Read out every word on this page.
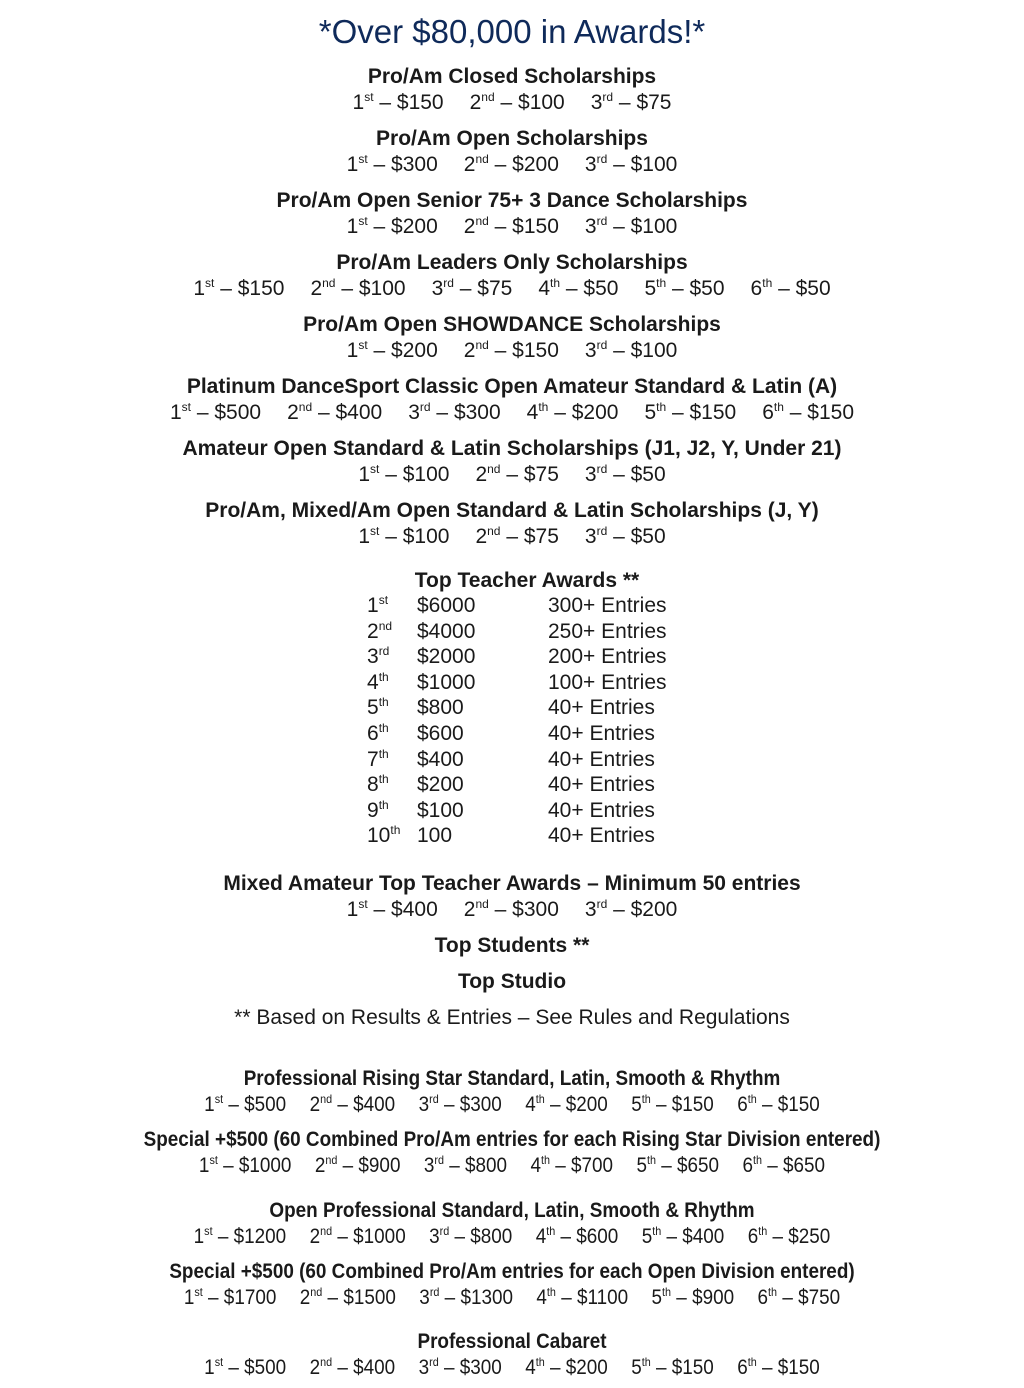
*Over $80,000 in Awards!*
Top Teacher Awards **
1st $6000	300+ Entries
2nd $4000	250+ Entries
3rd $2000	200+ Entries
4th $1000	100+ Entries
5th $800	40+ Entries
6th $600	40+ Entries
7th $400	40+ Entries
8th $200	40+ Entries
9th $100	40+ Entries
10th 100	40+ Entries
Top Students **
Top Studio
** Based on Results & Entries – See Rules and Regulations
Pro/Am Closed Scholarships
1st – $150 2nd – $100 3rd – $75
Pro/Am Open Scholarships
1st – $300 2nd – $200 3rd – $100
Pro/Am Open Senior 75+ 3 Dance Scholarships
1st – $200 2nd – $150 3rd – $100
Pro/Am Leaders Only Scholarships
1st – $150 2nd – $100 3rd – $75 4th – $50 5th – $50 6th – $50
Pro/Am Open SHOWDANCE Scholarships
1st – $200 2nd – $150 3rd – $100
Platinum DanceSport Classic Open Amateur Standard & Latin (A)
1st – $500 2nd – $400 3rd – $300 4th – $200 5th – $150 6th – $150
Amateur Open Standard & Latin Scholarships (J1, J2, Y, Under 21)
1st – $100 2nd – $75 3rd – $50
Pro/Am, Mixed/Am Open Standard & Latin Scholarships (J, Y)
1st – $100 2nd – $75 3rd – $50
Mixed Amateur Top Teacher Awards – Minimum 50 entries
1st – $400 2nd – $300 3rd – $200
Professional Rising Star Standard, Latin, Smooth & Rhythm
1st – $500 2nd – $400 3rd – $300 4th – $200 5th – $150 6th – $150
Special +$500 (60 Combined Pro/Am entries for each Rising Star Division entered)
1st – $1000 2nd – $900 3rd – $800 4th – $700 5th – $650 6th – $650
Open Professional Standard, Latin, Smooth & Rhythm
1st – $1200 2nd – $1000 3rd – $800 4th – $600 5th – $400 6th – $250
Special +$500 (60 Combined Pro/Am entries for each Open Division entered)
1st – $1700 2nd – $1500 3rd – $1300 4th – $1100 5th – $900 6th – $750
Professional Cabaret
1st – $500 2nd – $400 3rd – $300 4th – $200 5th – $150 6th – $150
